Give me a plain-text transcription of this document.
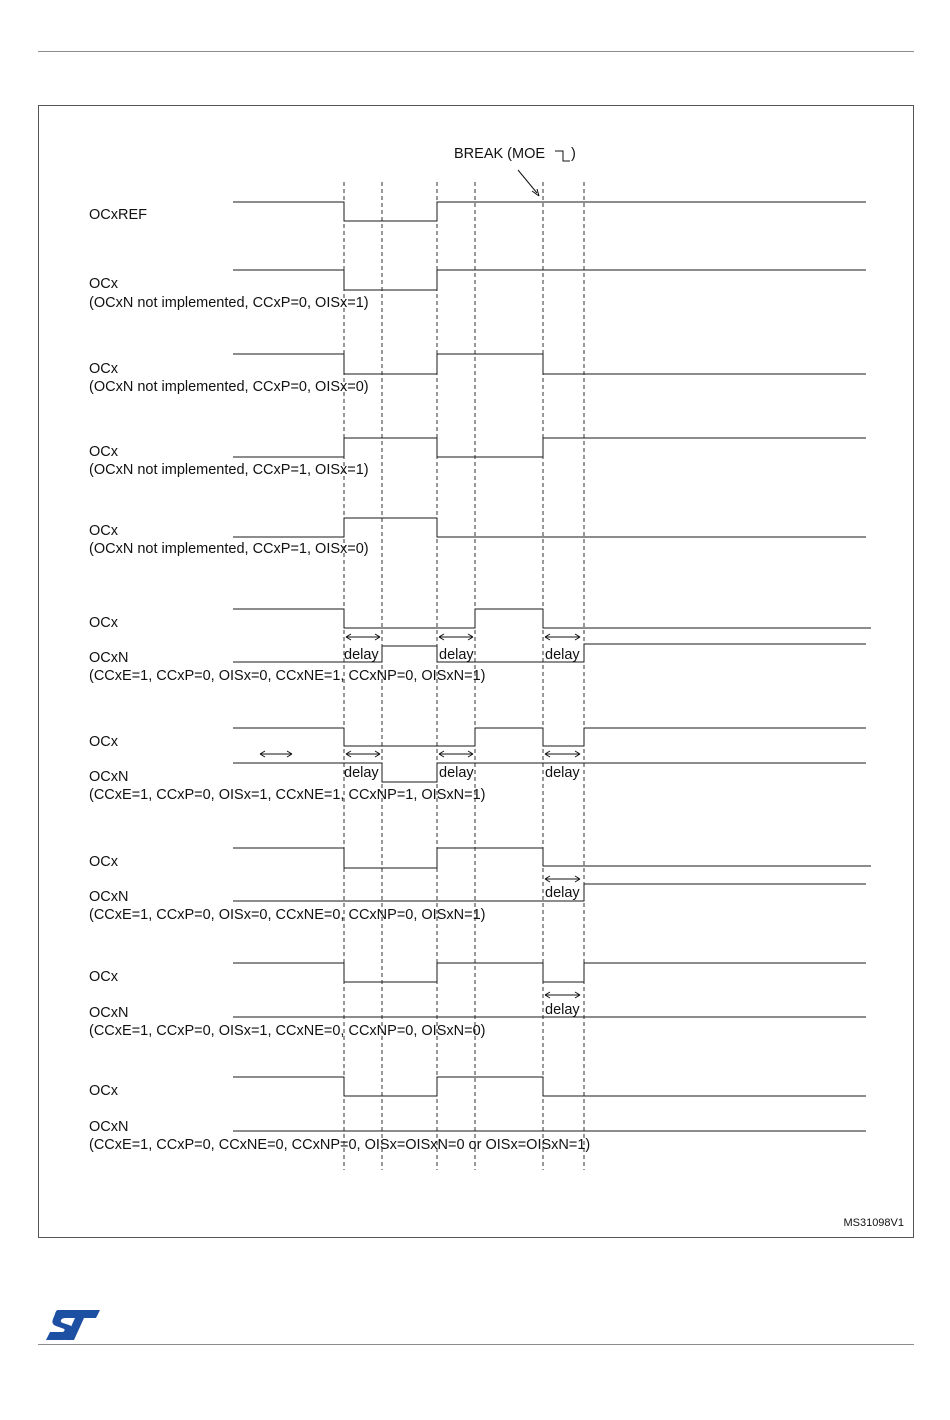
BREAK (MOE )
delay	delay	delay
delay	delay	delay
delay
delay
OCxREF
OCx
(OCxN not implemented, CCxP=0, OISx=1)
OCx
(OCxN not implemented, CCxP=0, OISx=0)
OCx
(OCxN not implemented, CCxP=1, OISx=1)
OCx
(OCxN not implemented, CCxP=1, OISx=0)
OCx
OCxN
(CCxE=1, CCxP=0, OISx=0, CCxNE=1, CCxNP=0, OISxN=1)
OCx
OCxN
(CCxE=1, CCxP=0, OISx=1, CCxNE=1, CCxNP=1, OISxN=1)
OCx
OCxN
(CCxE=1, CCxP=0, OISx=0, CCxNE=0, CCxNP=0, OISxN=1)
OCx
OCxN
(CCxE=1, CCxP=0, OISx=1, CCxNE=0, CCxNP=0, OISxN=0)
OCx
OCxN
(CCxE=1, CCxP=0, CCxNE=0, CCxNP=0, OISx=OISxN=0 or OISx=OISxN=1)
MS31098V1
